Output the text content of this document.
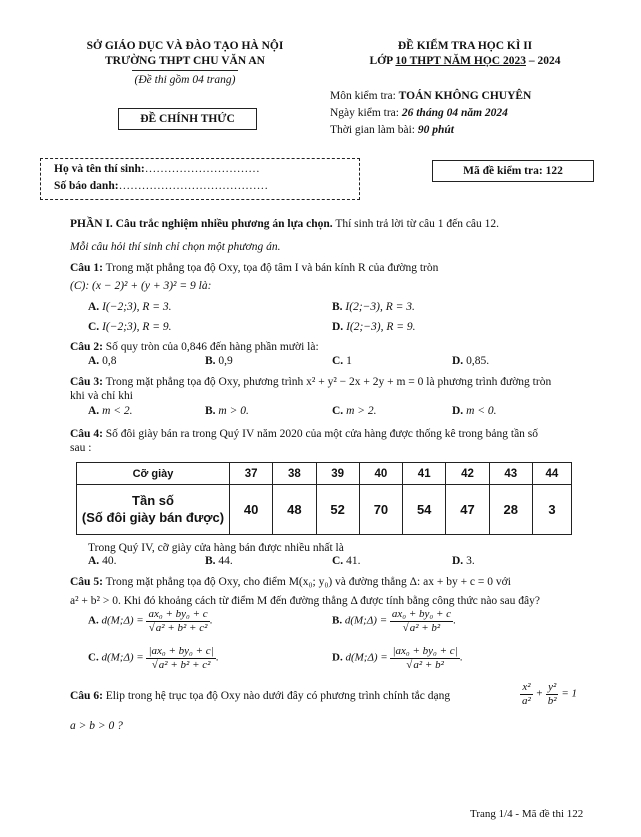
SỞ GIÁO DỤC VÀ ĐÀO TẠO HÀ NỘI
TRƯỜNG THPT CHU VĂN AN
(Đề thi gồm 04 trang)
ĐỀ CHÍNH THỨC
ĐỀ KIỂM TRA HỌC KÌ II
LỚP 10 THPT NĂM HỌC 2023 – 2024
Môn kiểm tra: TOÁN KHÔNG CHUYÊN
Ngày kiểm tra: 26 tháng 04 năm 2024
Thời gian làm bài: 90 phút
Họ và tên thí sinh:…………………………
Số báo danh:…………………………………
Mã đề kiểm tra: 122
PHẦN I. Câu trắc nghiệm nhiều phương án lựa chọn. Thí sinh trả lời từ câu 1 đến câu 12.
Mỗi câu hỏi thí sinh chỉ chọn một phương án.
Câu 1: Trong mặt phẳng tọa độ Oxy, tọa độ tâm I và bán kính R của đường tròn
(C): (x − 2)² + (y + 3)² = 9 là:
A. I(−2;3), R = 3.	B. I(2;−3), R = 3.
C. I(−2;3), R = 9.	D. I(2;−3), R = 9.
Câu 2: Số quy tròn của 0,846 đến hàng phần mười là:
A. 0,8	B. 0,9	C. 1	D. 0,85.
Câu 3: Trong mặt phẳng tọa độ Oxy, phương trình x² + y² − 2x + 2y + m = 0 là phương trình đường tròn
khi và chỉ khi
A. m < 2.	B. m > 0.	C. m > 2.	D. m < 0.
Câu 4: Số đôi giày bán ra trong Quý IV năm 2020 của một cửa hàng được thống kê trong bảng tần số
sau :
Cỡ giày	37	38	39	40	41	42	43	44

Tần số
(Số đôi giày bán được)	40	48	52	70	54	47	28	3
Trong Quý IV, cỡ giày cửa hàng bán được nhiều nhất là
A. 40.	B. 44.	C. 41.	D. 3.
Câu 5: Trong mặt phẳng tọa độ Oxy, cho điểm M(x₀; y₀) và đường thẳng Δ: ax + by + c = 0 với
a² + b² > 0. Khi đó khoảng cách từ điểm M đến đường thẳng Δ được tính bằng công thức nào sau đây?
A. d(M;Δ) = $\frac{\text{ax₀ + by₀ + c}}{\text{√a² + b² + c²}}$ .	B. d(M;Δ) = $\frac{\text{ax₀ + by₀ + c}}{\text{√a² + b²}}$ .
C. d(M;Δ) = $\frac{\text{|ax₀ + by₀ + c|}}{\text{√a² + b² + c²}}$ .	D. d(M;Δ) = $\frac{\text{|ax₀ + by₀ + c|}}{\text{√a² + b²}}$ .
Câu 6: Elip trong hệ trục tọa độ Oxy nào dưới đây có phương trình chính tắc dạng	$\frac{\text{x²}}{\text{a²}} + \frac{\text{y²}}{\text{b²}} = 1$
a > b > 0 ?
Trang 1/4 - Mã đề thi 122
